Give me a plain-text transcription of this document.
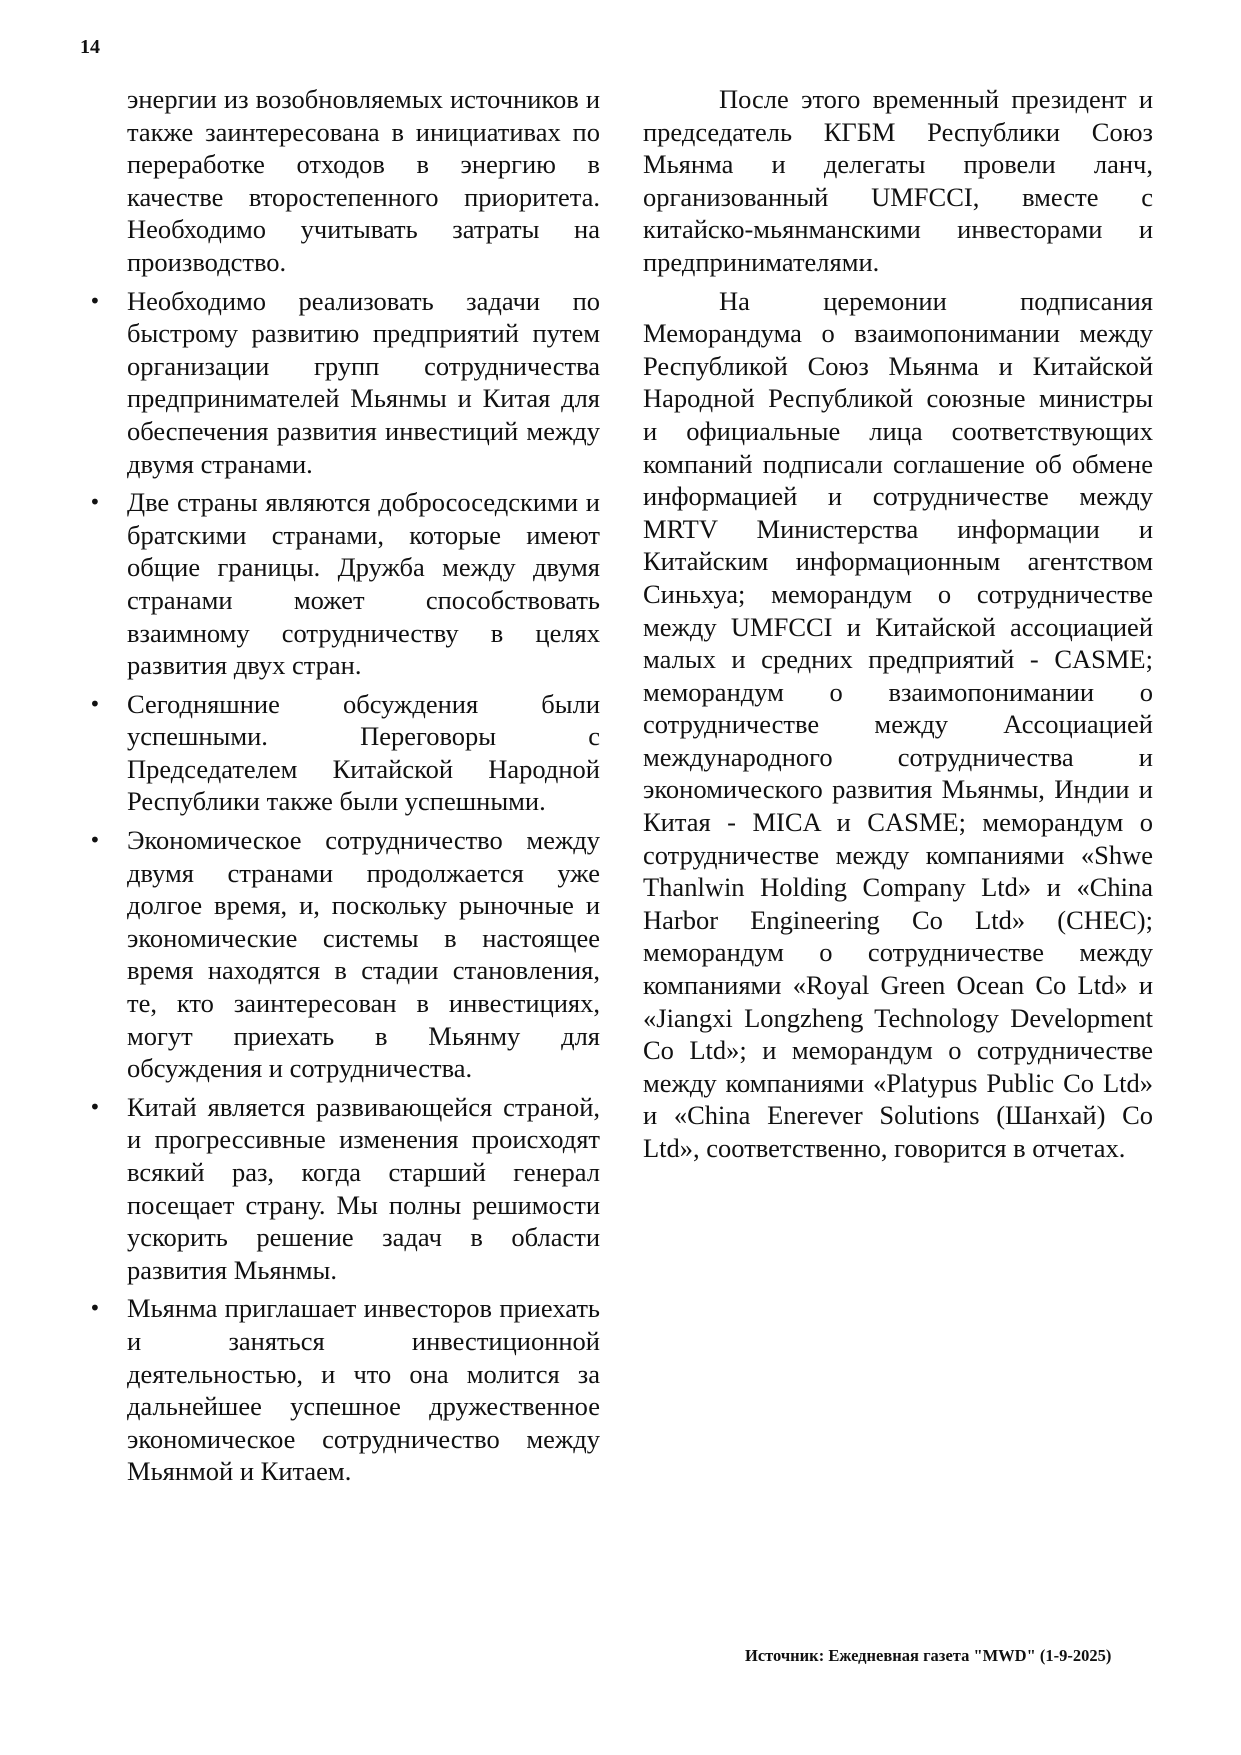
14

энергии из возобновляемых источников и также заинтересована в инициативах по переработке отходов в энергию в качестве второстепенного приоритета. Необходимо учитывать затраты на производство.

• Необходимо реализовать задачи по быстрому развитию предприятий путем организации групп сотрудничества предпринимателей Мьянмы и Китая для обеспечения развития инвестиций между двумя странами.
• Две страны являются добрососедскими и братскими странами, которые имеют общие границы. Дружба между двумя странами может способствовать взаимному сотрудничеству в целях развития двух стран.
• Сегодняшние обсуждения были успешными. Переговоры с Председателем Китайской Народной Республики также были успешными.
• Экономическое сотрудничество между двумя странами продолжается уже долгое время, и, поскольку рыночные и экономические системы в настоящее время находятся в стадии становления, те, кто заинтересован в инвестициях, могут приехать в Мьянму для обсуждения и сотрудничества.
• Китай является развивающейся страной, и прогрессивные изменения происходят всякий раз, когда старший генерал посещает страну. Мы полны решимости ускорить решение задач в области развития Мьянмы.
• Мьянма приглашает инвесторов приехать и заняться инвестиционной деятельностью, и что она молится за дальнейшее успешное дружественное экономическое сотрудничество между Мьянмой и Китаем.

После этого временный президент и председатель КГБМ Республики Союз Мьянма и делегаты провели ланч, организованный UMFCCI, вместе с китайско-мьянманскими инвесторами и предпринимателями.

На церемонии подписания Меморандума о взаимопонимании между Республикой Союз Мьянма и Китайской Народной Республикой союзные министры и официальные лица соответствующих компаний подписали соглашение об обмене информацией и сотрудничестве между MRTV Министерства информации и Китайским информационным агентством Синьхуа; меморандум о сотрудничестве между UMFCCI и Китайской ассоциацией малых и средних предприятий - CASME; меморандум о взаимопонимании о сотрудничестве между Ассоциацией международного сотрудничества и экономического развития Мьянмы, Индии и Китая - MICA и CASME; меморандум о сотрудничестве между компаниями «Shwe Thanlwin Holding Company Ltd» и «China Harbor Engineering Co Ltd» (CHEC); меморандум о сотрудничестве между компаниями «Royal Green Ocean Co Ltd» и «Jiangxi Longzheng Technology Development Co Ltd»; и меморандум о сотрудничестве между компаниями «Platypus Public Co Ltd» и «China Enerever Solutions (Шанхай) Co Ltd», соответственно, говорится в отчетах.

Источник: Ежедневная газета "MWD" (1-9-2025)
